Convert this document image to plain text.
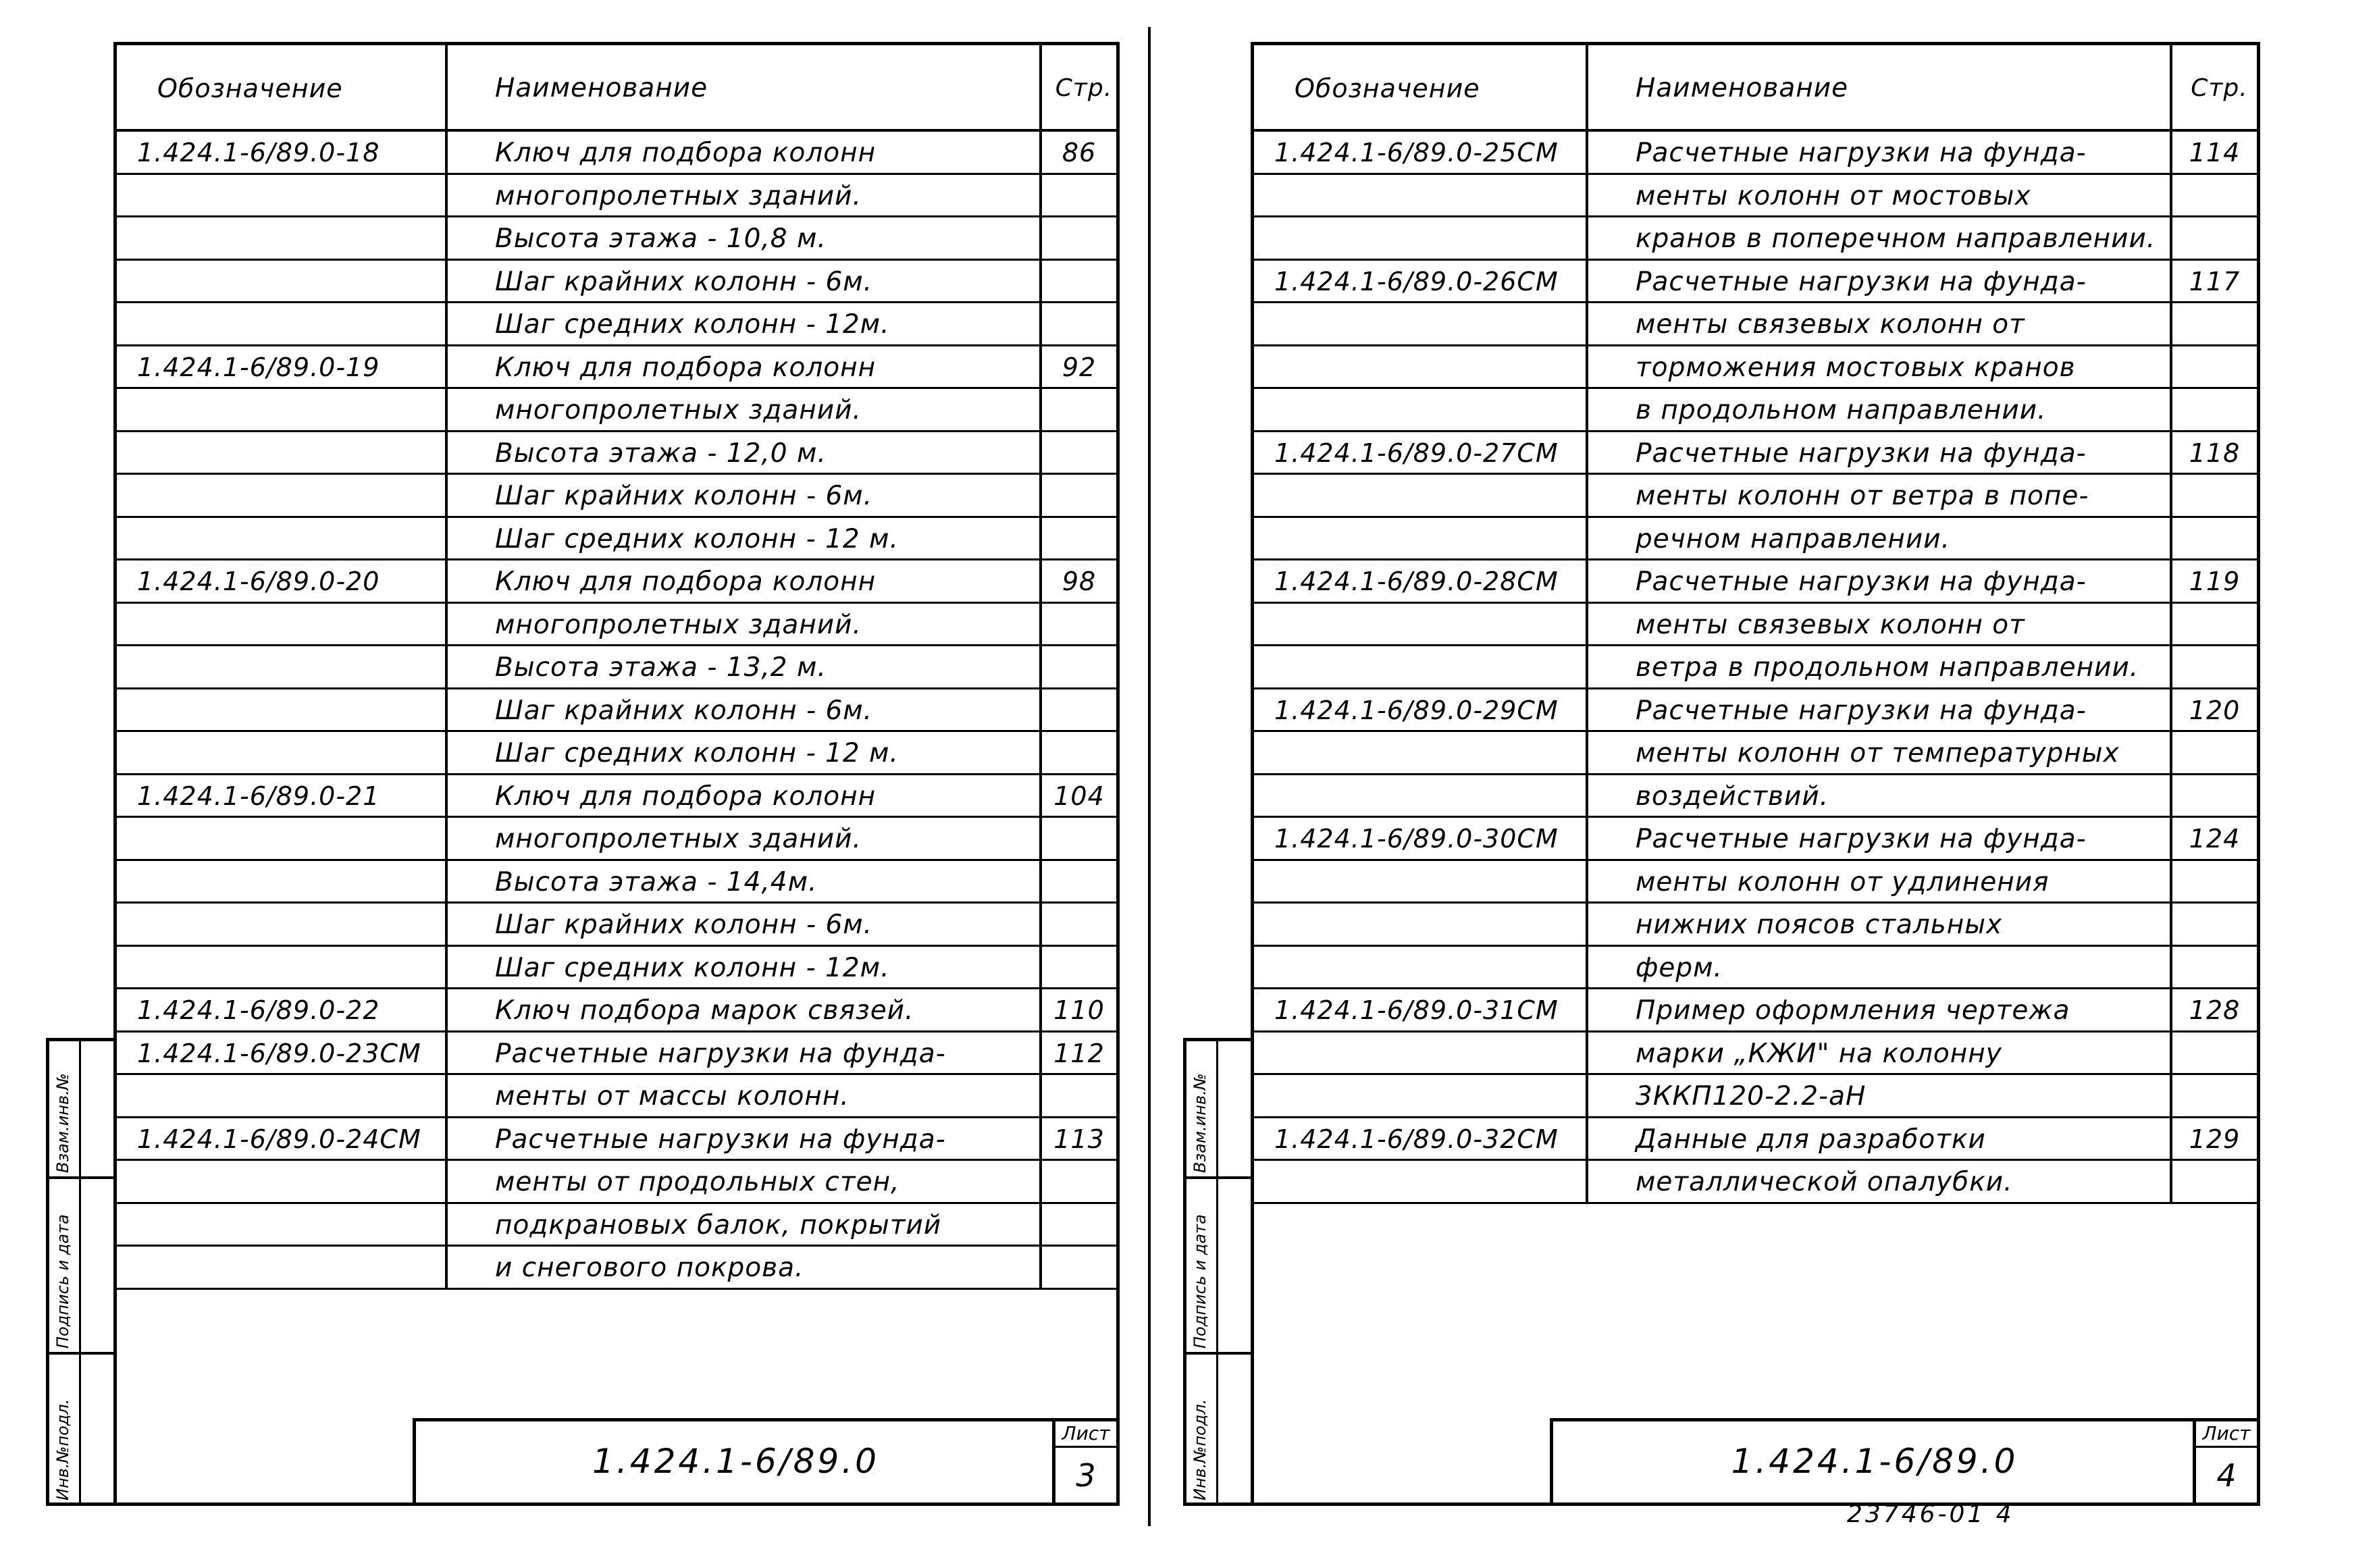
Обозначение	Наименование	Стр.
1.424.1-6/89.0-18	Ключ для подбора колонн	86
многопролетных зданий.
Высота этажа - 10,8 м.
Шаг крайних колонн - 6м.
Шаг средних колонн - 12м.
1.424.1-6/89.0-19	Ключ для подбора колонн	92
многопролетных зданий.
Высота этажа - 12,0 м.
Шаг крайних колонн - 6м.
Шаг средних колонн - 12 м.
1.424.1-6/89.0-20	Ключ для подбора колонн	98
многопролетных зданий.
Высота этажа - 13,2 м.
Шаг крайних колонн - 6м.
Шаг средних колонн - 12 м.
1.424.1-6/89.0-21	Ключ для подбора колонн	104
многопролетных зданий.
Высота этажа - 14,4м.
Шаг крайних колонн - 6м.
Шаг средних колонн - 12м.
1.424.1-6/89.0-22	Ключ подбора марок связей.	110
1.424.1-6/89.0-23СМ	Расчетные нагрузки на фунда-	112
менты от массы колонн.
1.424.1-6/89.0-24СМ	Расчетные нагрузки на фунда-	113
менты от продольных стен,
подкрановых балок, покрытий
и снегового покрова.
1.424.1-6/89.0
Лист
3
Обозначение	Наименование	Стр.
1.424.1-6/89.0-25СМ	Расчетные нагрузки на фунда-	114
менты колонн от мостовых
кранов в поперечном направлении.
1.424.1-6/89.0-26СМ	Расчетные нагрузки на фунда-	117
менты связевых колонн от
торможения мостовых кранов
в продольном направлении.
1.424.1-6/89.0-27СМ	Расчетные нагрузки на фунда-	118
менты колонн от ветра в попе-
речном направлении.
1.424.1-6/89.0-28СМ	Расчетные нагрузки на фунда-	119
менты связевых колонн от
ветра в продольном направлении.
1.424.1-6/89.0-29СМ	Расчетные нагрузки на фунда-	120
менты колонн от температурных
воздействий.
1.424.1-6/89.0-30СМ	Расчетные нагрузки на фунда-	124
менты колонн от удлинения
нижних поясов стальных
ферм.
1.424.1-6/89.0-31СМ	Пример оформления чертежа	128
марки „КЖИ" на колонну
3ККП120-2.2-аН
1.424.1-6/89.0-32СМ	Данные для разработки	129
металлической опалубки.
1.424.1-6/89.0
Лист
4
Инв.№подл.
Подпись и дата
Взам.инв.№
Инв.№подл.
Подпись и дата
Взам.инв.№
23746-01 4
